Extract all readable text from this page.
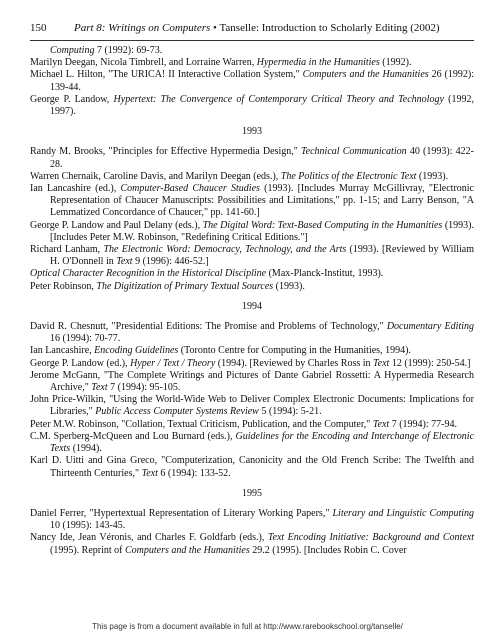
150	Part 8: Writings on Computers • Tanselle: Introduction to Scholarly Editing (2002)

Computing 7 (1992): 69-73.

Marilyn Deegan, Nicola Timbrell, and Lorraine Warren, Hypermedia in the Humanities (1992).

Michael L. Hilton, "The URICA! II Interactive Collation System," Computers and the Humanities 26 (1992): 139-44.

George P. Landow, Hypertext: The Convergence of Contemporary Critical Theory and Technology (1992, 1997).

1993

Randy M. Brooks, "Principles for Effective Hypermedia Design," Technical Communication 40 (1993): 422-28.

Warren Chernaik, Caroline Davis, and Marilyn Deegan (eds.), The Politics of the Electronic Text (1993).

Ian Lancashire (ed.), Computer-Based Chaucer Studies (1993). [Includes Murray McGillivray, "Electronic Representation of Chaucer Manuscripts: Possibilities and Limitations," pp. 1-15; and Larry Benson, "A Lemmatized Concordance of Chaucer," pp. 141-60.]

George P. Landow and Paul Delany (eds.), The Digital Word: Text-Based Computing in the Humanities (1993). [Includes Peter M.W. Robinson, "Redefining Critical Editions."]

Richard Lanham, The Electronic Word: Democracy, Technology, and the Arts (1993). [Reviewed by William H. O'Donnell in Text 9 (1996): 446-52.]

Optical Character Recognition in the Historical Discipline (Max-Planck-Institut, 1993).

Peter Robinson, The Digitization of Primary Textual Sources (1993).

1994

David R. Chesnutt, "Presidential Editions: The Promise and Problems of Technology," Documentary Editing 16 (1994): 70-77.

Ian Lancashire, Encoding Guidelines (Toronto Centre for Computing in the Humanities, 1994).

George P. Landow (ed.), Hyper / Text / Theory (1994). [Reviewed by Charles Ross in Text 12 (1999): 250-54.]

Jerome McGann, "The Complete Writings and Pictures of Dante Gabriel Rossetti: A Hypermedia Research Archive," Text 7 (1994): 95-105.

John Price-Wilkin, "Using the World-Wide Web to Deliver Complex Electronic Documents: Implications for Libraries," Public Access Computer Systems Review 5 (1994): 5-21.

Peter M.W. Robinson, "Collation, Textual Criticism, Publication, and the Computer," Text 7 (1994): 77-94.

C.M. Sperberg-McQueen and Lou Burnard (eds.), Guidelines for the Encoding and Interchange of Electronic Texts (1994).

Karl D. Uitti and Gina Greco, "Computerization, Canonicity and the Old French Scribe: The Twelfth and Thirteenth Centuries," Text 6 (1994): 133-52.

1995

Daniel Ferrer, "Hypertextual Representation of Literary Working Papers," Literary and Linguistic Computing 10 (1995): 143-45.

Nancy Ide, Jean Véronis, and Charles F. Goldfarb (eds.), Text Encoding Initiative: Background and Context (1995). Reprint of Computers and the Humanities 29.2 (1995). [Includes Robin C. Cover

This page is from a document available in full at http://www.rarebookschool.org/tanselle/
